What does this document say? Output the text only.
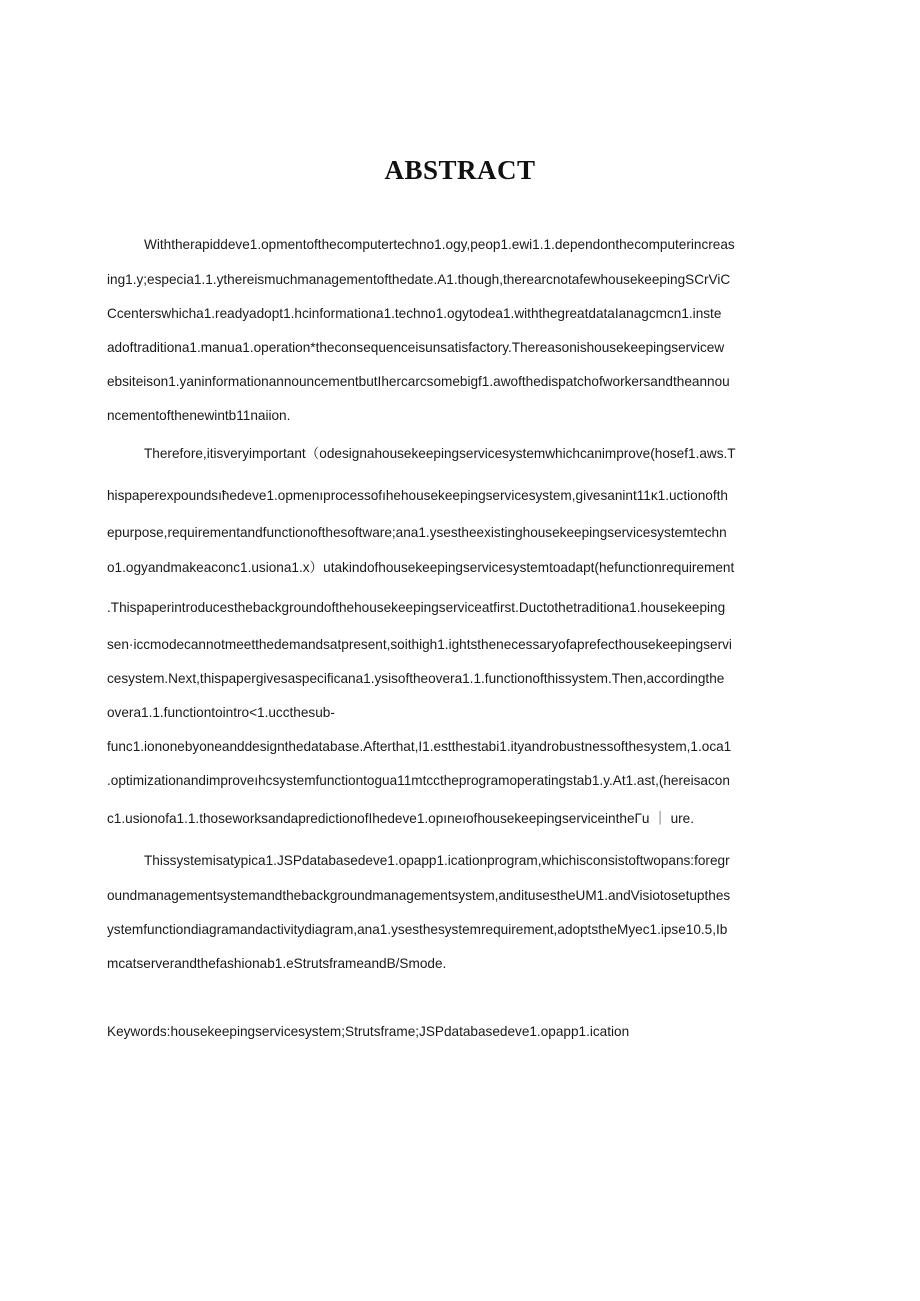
ABSTRACT

Withtherapiddeve1.opmentofthecomputertechno1.ogy,peop1.ewi1.1.dependonthecomputerincreas

ing1.y;especia1.1.ythereismuchmanagementofthedate.A1.though,therearcnotafewhousekeepingSCrViC

Ccenterswhicha1.readyadopt1.hcinformationa1.techno1.ogytodea1.withthegreatdataIanagcmcn1.inste

adoftraditiona1.manua1.operation*theconsequenceisunsatisfactory.Thereasonishousekeepingservicew

ebsiteison1.yaninformationannouncementbutIhercarcsomebigf1.awofthedispatchofworkersandtheannou

ncementofthenewintb11naiion.

Therefore,itisveryimportant（odesignahousekeepingservicesystemwhichcanimprove(hosef1.aws.T

hispaperexpoundsıħedeve1.opmenıprocessofıhehousekeepingservicesystem,givesanint11κ1.uctionofth

epurpose,requirementandfunctionofthesoftware;ana1.ysestheexistinghousekeepingservicesystemtechn

o1.ogyandmakeaconc1.usiona1.x）utakindofhousekeepingservicesystemtoadapt(hefunctionrequirement

.Thispaperintroducesthebackgroundofthehousekeepingserviceatfirst.Ductothetraditiona1.housekeeping

sen·iccmodecannotmeetthedemandsatpresent,soithigh1.ightsthenecessaryofaprefecthousekeepingservi

cesystem.Next,thispapergivesaspecificana1.ysisoftheovera1.1.functionofthissystem.Then,accordingthe

overa1.1.functiontointro<1.uccthesub-

func1.iononebyoneanddesignthedatabase.Afterthat,I1.estthestabi1.ityandrobustnessofthesystem,1.oca1

.optimizationandimproveıhcsystemfunctiontogua11mtcctheprogramoperatingstab1.y.At1.ast,(hereisacon

c1.usionofa1.1.thoseworksandapredictionofIhedeve1.opıneıofhousekeepingserviceintheГu ｜ ure.

Thissystemisatypica1.JSPdatabasedeve1.opapp1.icationprogram,whichisconsistoftwopans:foregr

oundmanagementsystemandthebackgroundmanagementsystem,anditusestheUM1.andVisiotosetupthes

ystemfunctiondiagramandactivitydiagram,ana1.ysesthesystemrequirement,adoptstheMyec1.ipse10.5,Ib

mcatserverandthefashionab1.eStrutsframeandB/Smode.

Keywords:housekeepingservicesystem;Strutsframe;JSPdatabasedeve1.opapp1.ication
